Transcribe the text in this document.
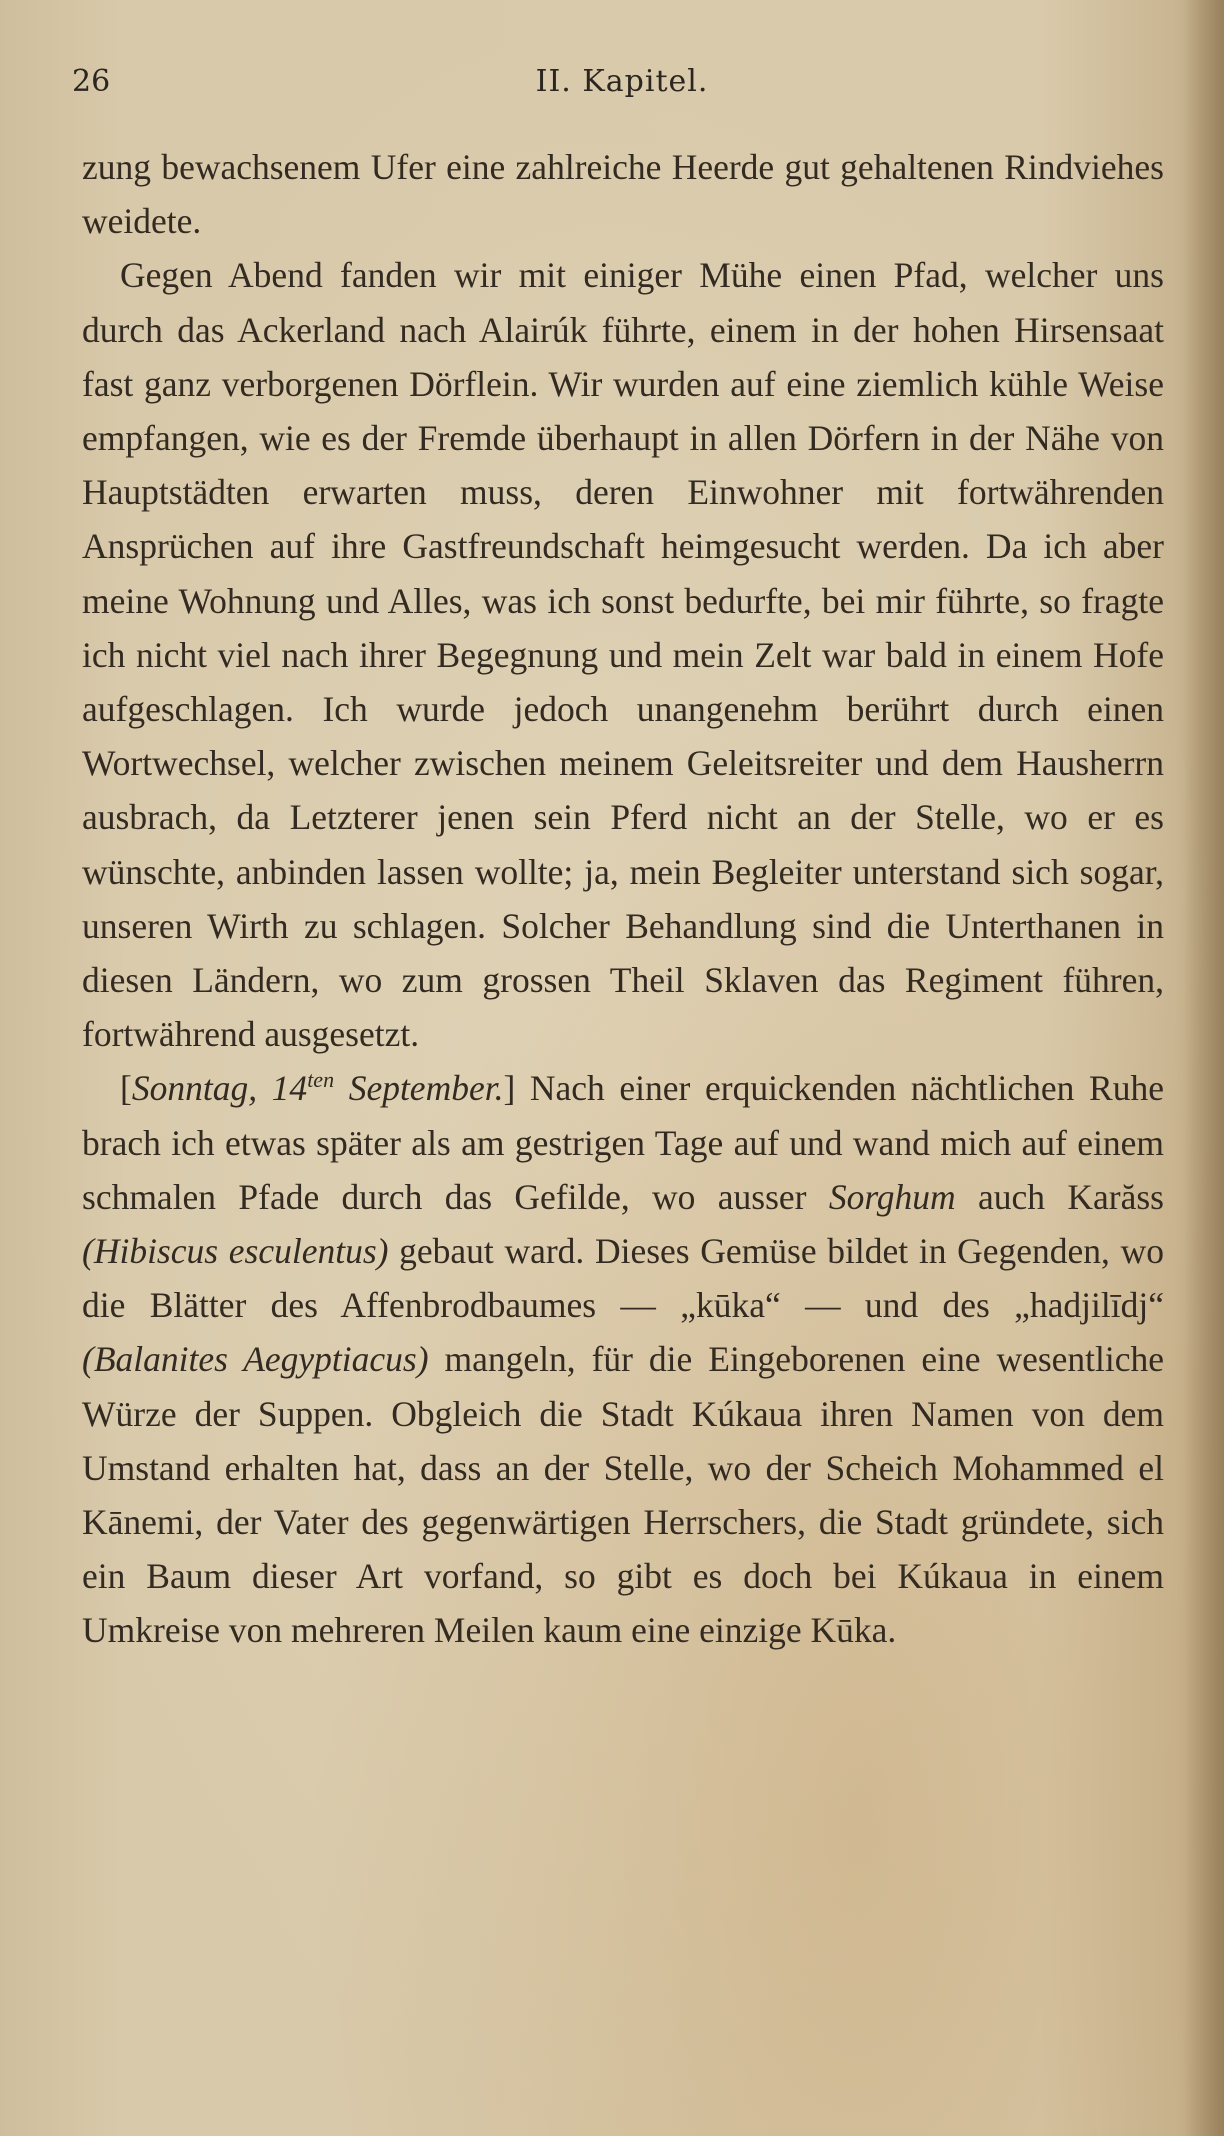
26	II. Kapitel.

zung bewachsenem Ufer eine zahlreiche Heerde gut gehaltenen Rindviehes weidete.

Gegen Abend fanden wir mit einiger Mühe einen Pfad, welcher uns durch das Ackerland nach Alairúk führte, einem in der hohen Hirsensaat fast ganz verborgenen Dörflein. Wir wurden auf eine ziemlich kühle Weise empfangen, wie es der Fremde überhaupt in allen Dörfern in der Nähe von Hauptstädten erwarten muss, deren Einwohner mit fortwährenden Ansprüchen auf ihre Gastfreundschaft heimgesucht werden. Da ich aber meine Wohnung und Alles, was ich sonst bedurfte, bei mir führte, so fragte ich nicht viel nach ihrer Begegnung und mein Zelt war bald in einem Hofe aufgeschlagen. Ich wurde jedoch unangenehm berührt durch einen Wortwechsel, welcher zwischen meinem Geleitsreiter und dem Hausherrn ausbrach, da Letzterer jenen sein Pferd nicht an der Stelle, wo er es wünschte, anbinden lassen wollte; ja, mein Begleiter unterstand sich sogar, unseren Wirth zu schlagen. Solcher Behandlung sind die Unterthanen in diesen Ländern, wo zum grossen Theil Sklaven das Regiment führen, fortwährend ausgesetzt.

[Sonntag, $14^{ten}$ September.] Nach einer erquickenden nächtlichen Ruhe brach ich etwas später als am gestrigen Tage auf und wand mich auf einem schmalen Pfade durch das Gefilde, wo ausser Sorghum auch Karăss (Hibiscus esculentus) gebaut ward. Dieses Gemüse bildet in Gegenden, wo die Blätter des Affenbrodbaumes — „kūka“ — und des „hadjilīdj“ (Balanites Aegyptiacus) mangeln, für die Eingeborenen eine wesentliche Würze der Suppen. Obgleich die Stadt Kúkaua ihren Namen von dem Umstand erhalten hat, dass an der Stelle, wo der Scheich Mohammed el Kānemi, der Vater des gegenwärtigen Herrschers, die Stadt gründete, sich ein Baum dieser Art vorfand, so gibt es doch bei Kúkaua in einem Umkreise von mehreren Meilen kaum eine einzige Kūka.
